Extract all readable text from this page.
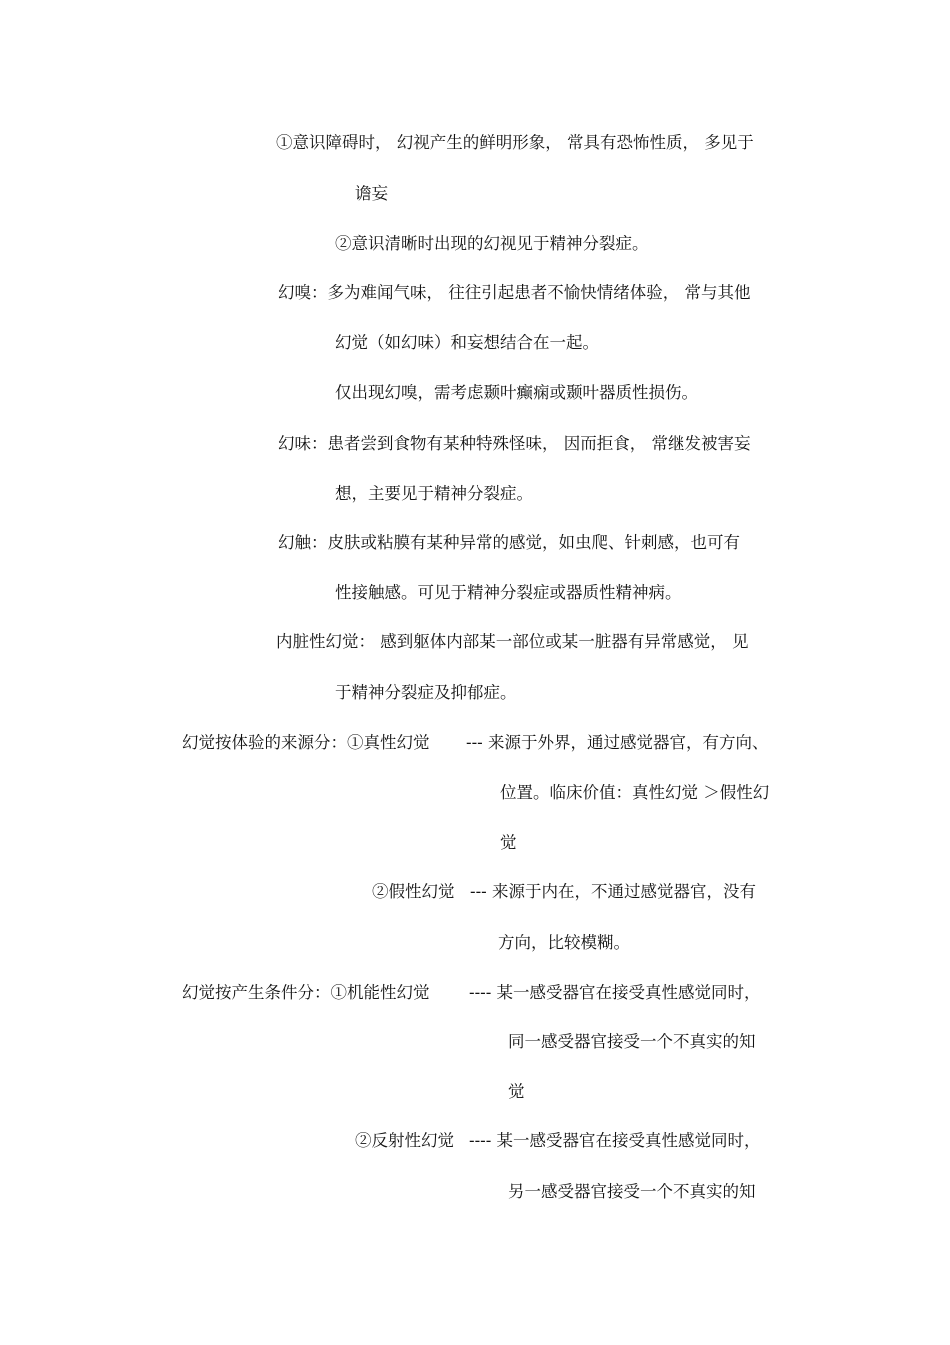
①意识障碍时， 幻视产生的鲜明形象， 常具有恐怖性质， 多见于
谵妄
②意识清晰时出现的幻视见于精神分裂症。
幻嗅：多为难闻气味， 往往引起患者不愉快情绪体验， 常与其他
幻觉（如幻味）和妄想结合在一起。
仅出现幻嗅，需考虑颞叶癫痫或颞叶器质性损伤。
幻味：患者尝到食物有某种特殊怪味， 因而拒食， 常继发被害妄
想，主要见于精神分裂症。
幻触：皮肤或粘膜有某种异常的感觉，如虫爬、针刺感，也可有
性接触感。可见于精神分裂症或器质性精神病。
内脏性幻觉： 感到躯体内部某一部位或某一脏器有异常感觉， 见
于精神分裂症及抑郁症。
幻觉按体验的来源分：①真性幻觉 --- 来源于外界，通过感觉器官，有方向、
位置。临床价值：真性幻觉 ＞假性幻
觉
②假性幻觉 --- 来源于内在，不通过感觉器官，没有
方向，比较模糊。
幻觉按产生条件分：①机能性幻觉 ---- 某一感受器官在接受真性感觉同时，
同一感受器官接受一个不真实的知
觉
②反射性幻觉 ---- 某一感受器官在接受真性感觉同时，
另一感受器官接受一个不真实的知
